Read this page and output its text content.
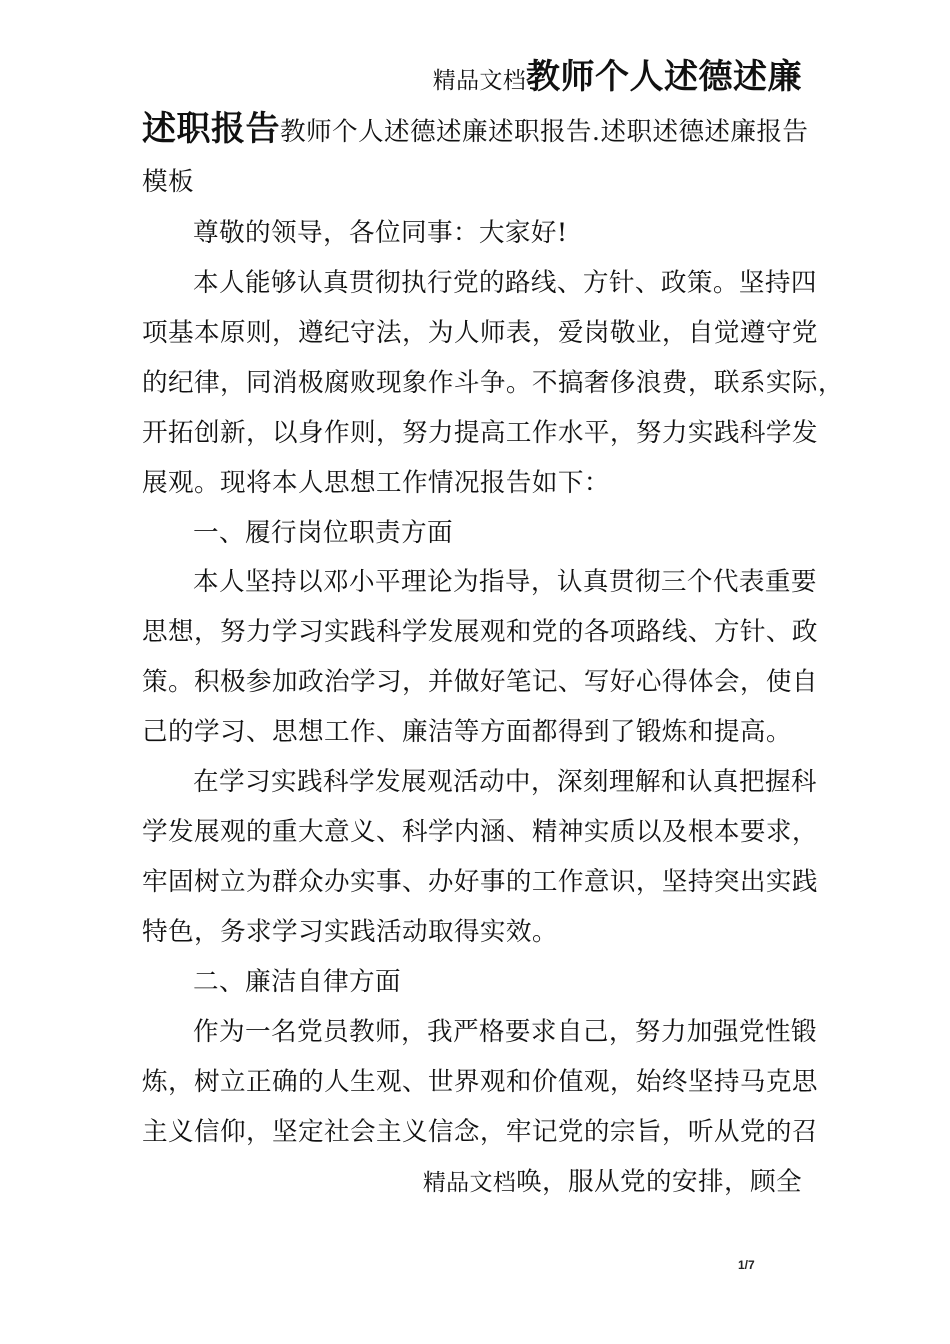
精品文档教师个人述德述廉
述职报告教师个人述德述廉述职报告.述职述德述廉报告
模板
尊敬的领导，各位同事：大家好!
本人能够认真贯彻执行党的路线、方针、政策。坚持四
项基本原则，遵纪守法，为人师表，爱岗敬业，自觉遵守党
的纪律，同消极腐败现象作斗争。不搞奢侈浪费，联系实际，
开拓创新，以身作则，努力提高工作水平，努力实践科学发
展观。现将本人思想工作情况报告如下：
一、履行岗位职责方面
本人坚持以邓小平理论为指导，认真贯彻三个代表重要
思想，努力学习实践科学发展观和党的各项路线、方针、政
策。积极参加政治学习，并做好笔记、写好心得体会，使自
己的学习、思想工作、廉洁等方面都得到了锻炼和提高。
在学习实践科学发展观活动中，深刻理解和认真把握科
学发展观的重大意义、科学内涵、精神实质以及根本要求，
牢固树立为群众办实事、办好事的工作意识，坚持突出实践
特色，务求学习实践活动取得实效。
二、廉洁自律方面
作为一名党员教师，我严格要求自己，努力加强党性锻
炼，树立正确的人生观、世界观和价值观，始终坚持马克思
主义信仰，坚定社会主义信念，牢记党的宗旨，听从党的召
精品文档唤，服从党的安排，顾全
1/7
